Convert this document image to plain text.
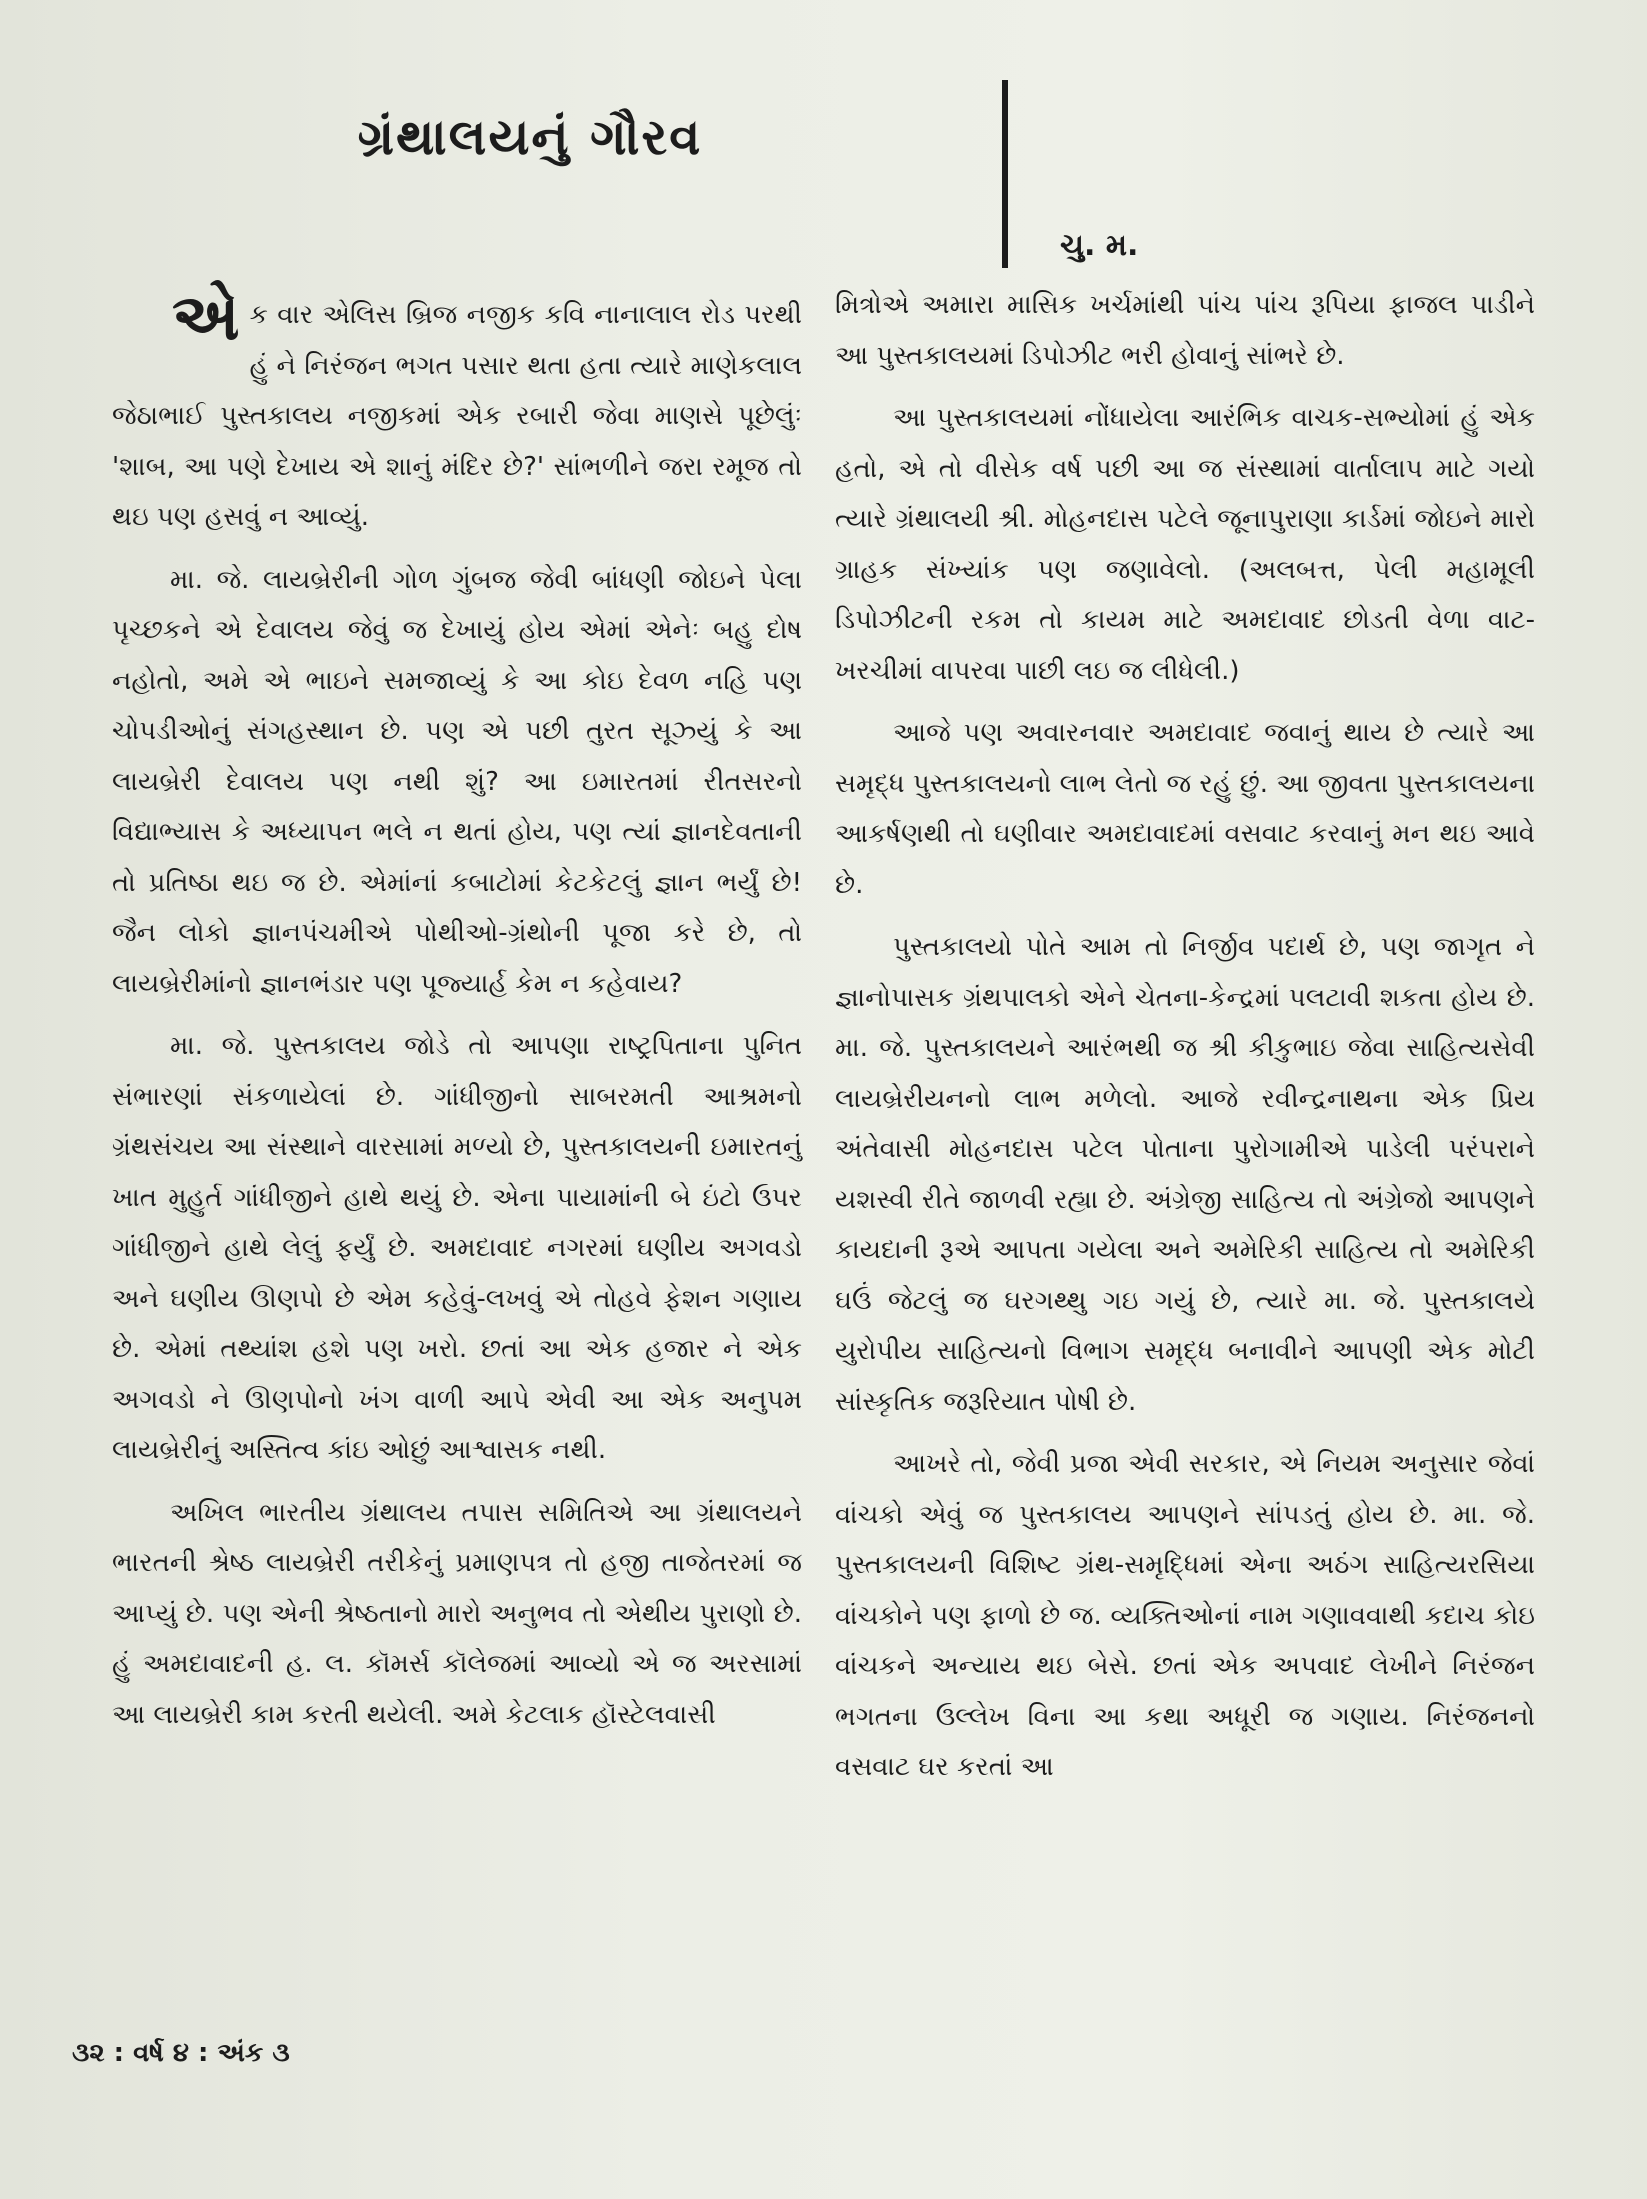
ગ્રંથાલયનું ગૌરવ
ચુ. મ.

એક વાર એલિસ બ્રિજ નજીક કવિ નાનાલાલ રોડ પરથી હું ને નિરંજન ભગત પસાર થતા હતા ત્યારે માણેકલાલ જેઠાભાઈ પુસ્તકાલય નજીકમાં એક રબારી જેવા માણસે પૂછેલુંઃ 'શાબ, આ પણે દેખાય એ શાનું મંદિર છે?' સાંભળીને જરા રમૂજ તો થઇ પણ હસવું ન આવ્યું.

મા. જે. લાયબ્રેરીની ગોળ ગુંબજ જેવી બાંધણી જોઇને પેલા પૃચ્છકને એ દેવાલય જેવું જ દેખાયું હોય એમાં એનેઃ બહુ દોષ નહોતો, અમે એ ભાઇને સમજાવ્યું કે આ કોઇ દેવળ નહિ પણ ચોપડીઓનું સંગહસ્થાન છે. પણ એ પછી તુરત સૂઝ્યું કે આ લાયબ્રેરી દેવાલય પણ નથી શું? આ ઇમારતમાં રીતસરનો વિદ્યાભ્યાસ કે અધ્યાપન ભલે ન થતાં હોય, પણ ત્યાં જ્ઞાનદેવતાની તો પ્રતિષ્ઠા થઇ જ છે. એમાંનાં કબાટોમાં કેટકેટલું જ્ઞાન ભર્યું છે! જૈન લોકો જ્ઞાનપંચમીએ પોથીઓ-ગ્રંથોની પૂજા કરે છે, તો લાયબ્રેરીમાંનો જ્ઞાનભંડાર પણ પૂજ્યાર્હ કેમ ન કહેવાય?

મા. જે. પુસ્તકાલય જોડે તો આપણા રાષ્ટ્રપિતાના પુનિત સંભારણાં સંકળાયેલાં છે. ગાંધીજીનો સાબરમતી આશ્રમનો ગ્રંથસંચય આ સંસ્થાને વારસામાં મળ્યો છે, પુસ્તકાલયની ઇમારતનું ખાત મુહુર્ત ગાંધીજીને હાથે થયું છે. એના પાયામાંની બે ઇંટો ઉપર ગાંધીજીને હાથે લેલું ફર્યું છે. અમદાવાદ નગરમાં ઘણીય અગવડો અને ઘણીય ઊણપો છે એમ કહેવું-લખવું એ તોહવે ફેશન ગણાય છે. એમાં તથ્યાંશ હશે પણ ખરો. છતાં આ એક હજાર ને એક અગવડો ને ઊણપોનો ખંગ વાળી આપે એવી આ એક અનુપમ લાયબ્રેરીનું અસ્તિત્વ કાંઇ ઓછું આશ્વાસક નથી.

અખિલ ભારતીય ગ્રંથાલય તપાસ સમિતિએ આ ગ્રંથાલયને ભારતની શ્રેષ્ઠ લાયબ્રેરી તરીકેનું પ્રમાણપત્ર તો હજી તાજેતરમાં જ આપ્યું છે. પણ એની શ્રેષ્ઠતાનો મારો અનુભવ તો એથીય પુરાણો છે. હું અમદાવાદની હ. લ. કૉમર્સ કૉલેજમાં આવ્યો એ જ અરસામાં આ લાયબ્રેરી કામ કરતી થયેલી. અમે કેટલાક હૉસ્ટેલવાસી

મિત્રોએ અમારા માસિક ખર્ચમાંથી પાંચ પાંચ રૂપિયા ફાજલ પાડીને આ પુસ્તકાલયમાં ડિપોઝીટ ભરી હોવાનું સાંભરે છે.

આ પુસ્તકાલયમાં નોંધાયેલા આરંભિક વાચક-સભ્યોમાં હું એક હતો, એ તો વીસેક વર્ષ પછી આ જ સંસ્થામાં વાર્તાલાપ માટે ગયો ત્યારે ગ્રંથાલયી શ્રી. મોહનદાસ પટેલે જૂનાપુરાણા કાર્ડમાં જોઇને મારો ગ્રાહક સંખ્યાંક પણ જણાવેલો. (અલબત્ત, પેલી મહામૂલી ડિપોઝીટની રકમ તો કાયમ માટે અમદાવાદ છોડતી વેળા વાટ-ખરચીમાં વાપરવા પાછી લઇ જ લીધેલી.)

આજે પણ અવારનવાર અમદાવાદ જવાનું થાય છે ત્યારે આ સમૃદ્ધ પુસ્તકાલયનો લાભ લેતો જ રહું છું. આ જીવતા પુસ્તકાલયના આકર્ષણથી તો ઘણીવાર અમદાવાદમાં વસવાટ કરવાનું મન થઇ આવે છે.

પુસ્તકાલયો પોતે આમ તો નિર્જીવ પદાર્થ છે, પણ જાગૃત ને જ્ઞાનોપાસક ગ્રંથપાલકો એને ચેતના-કેન્દ્રમાં પલટાવી શકતા હોય છે. મા. જે. પુસ્તકાલયને આરંભથી જ શ્રી કીકુભાઇ જેવા સાહિત્યસેવી લાયબ્રેરીયનનો લાભ મળેલો. આજે રવીન્દ્રનાથના એક પ્રિય અંતેવાસી મોહનદાસ પટેલ પોતાના પુરોગામીએ પાડેલી પરંપરાને યશસ્વી રીતે જાળવી રહ્યા છે. અંગ્રેજી સાહિત્ય તો અંગ્રેજો આપણને કાયદાની રૂએ આપતા ગયેલા અને અમેરિકી સાહિત્ય તો અમેરિકી ઘઉં જેટલું જ ઘરગથ્થુ ગઇ ગયું છે, ત્યારે મા. જે. પુસ્તકાલયે યુરોપીય સાહિત્યનો વિભાગ સમૃદ્ધ બનાવીને આપણી એક મોટી સાંસ્કૃતિક જરૂરિયાત પોષી છે.

આખરે તો, જેવી પ્રજા એવી સરકાર, એ નિયમ અનુસાર જેવાં વાંચકો એવું જ પુસ્તકાલય આપણને સાંપડતું હોય છે. મા. જે. પુસ્તકાલયની વિશિષ્ટ ગ્રંથ-સમૃદ્ધિમાં એના અઠંગ સાહિત્યરસિયા વાંચકોને પણ ફાળો છે જ. વ્યક્તિઓનાં નામ ગણાવવાથી કદાચ કોઇ વાંચકને અન્યાય થઇ બેસે. છતાં એક અપવાદ લેખીને નિરંજન ભગતના ઉલ્લેખ વિના આ કથા અધૂરી જ ગણાય. નિરંજનનો વસવાટ ઘર કરતાં આ

૩૨ : વર્ષ ૪ : અંક ૩
